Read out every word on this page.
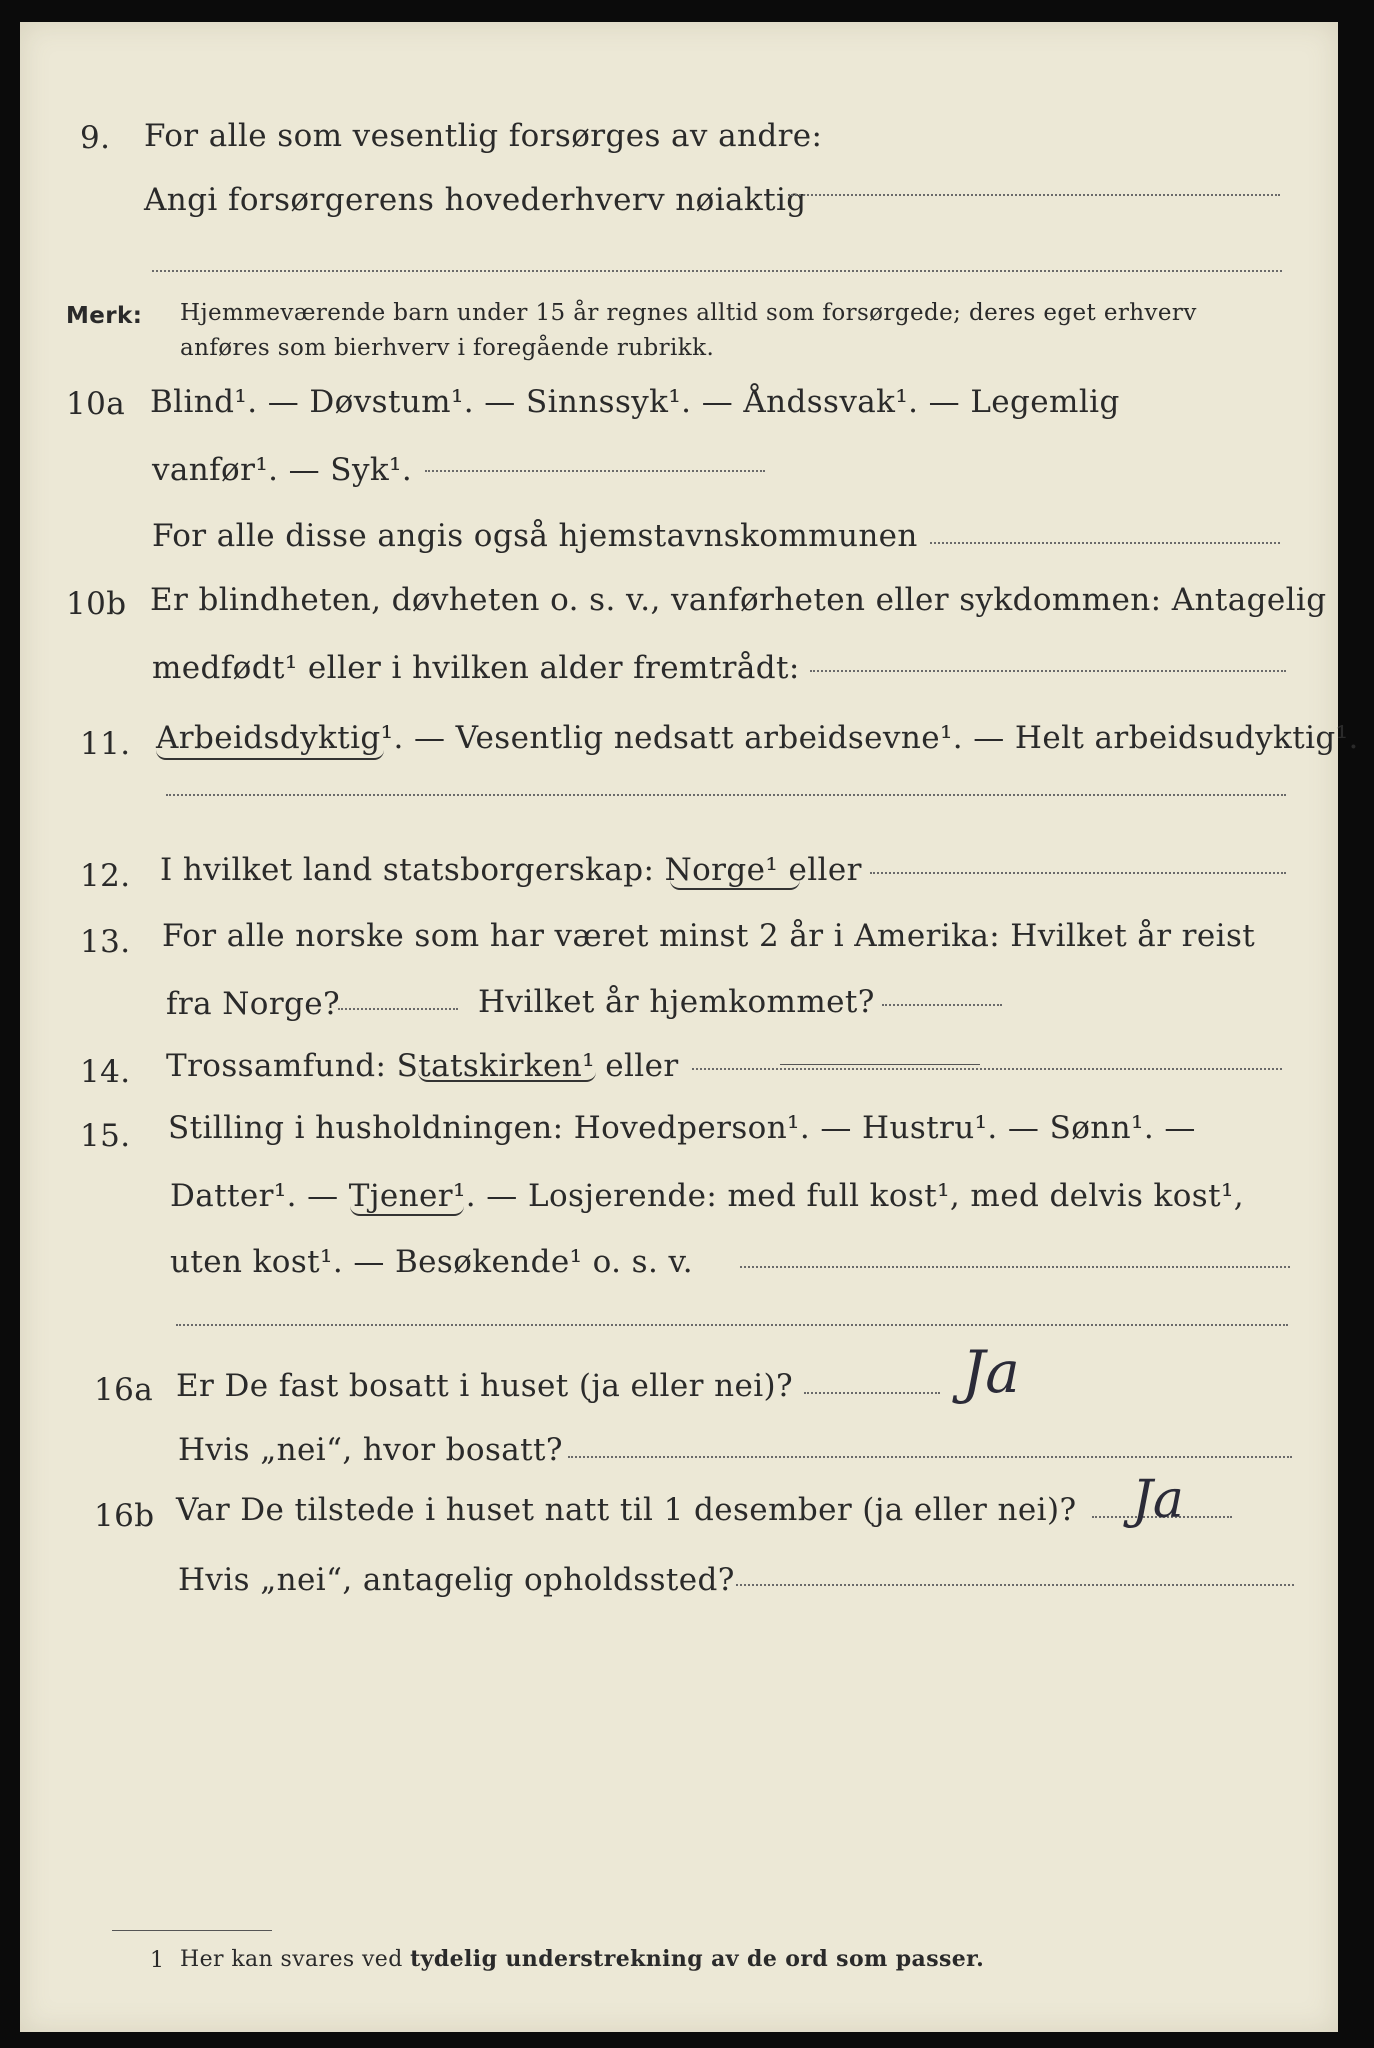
9. For alle som vesentlig forsørges av andre:
Angi forsørgerens hovederhverv nøiaktig
Merk: Hjemmeværende barn under 15 år regnes alltid som forsørgede; deres eget erhverv
anføres som bierhverv i foregående rubrikk.
10a Blind¹. — Døvstum¹. — Sinnssyk¹. — Åndssvak¹. — Legemlig
vanfør¹. — Syk¹.
For alle disse angis også hjemstavnskommunen
10b Er blindheten, døvheten o. s. v., vanførheten eller sykdommen: Antagelig
medfødt¹ eller i hvilken alder fremtrådt:
11. Arbeidsdyktig¹. — Vesentlig nedsatt arbeidsevne¹. — Helt arbeidsudyktig¹.
12. I hvilket land statsborgerskap: Norge¹ eller
13. For alle norske som har været minst 2 år i Amerika: Hvilket år reist
fra Norge?	Hvilket år hjemkommet?
14. Trossamfund: Statskirken¹ eller
15. Stilling i husholdningen: Hovedperson¹. — Hustru¹. — Sønn¹. —
Datter¹. — Tjener¹. — Losjerende: med full kost¹, med delvis kost¹,
uten kost¹. — Besøkende¹ o. s. v.
16a Er De fast bosatt i huset (ja eller nei)?	Ja
Hvis „nei“, hvor bosatt?
16b Var De tilstede i huset natt til 1 desember (ja eller nei)? Ja
Hvis „nei“, antagelig opholdssted?
1 Her kan svares ved tydelig understrekning av de ord som passer.
